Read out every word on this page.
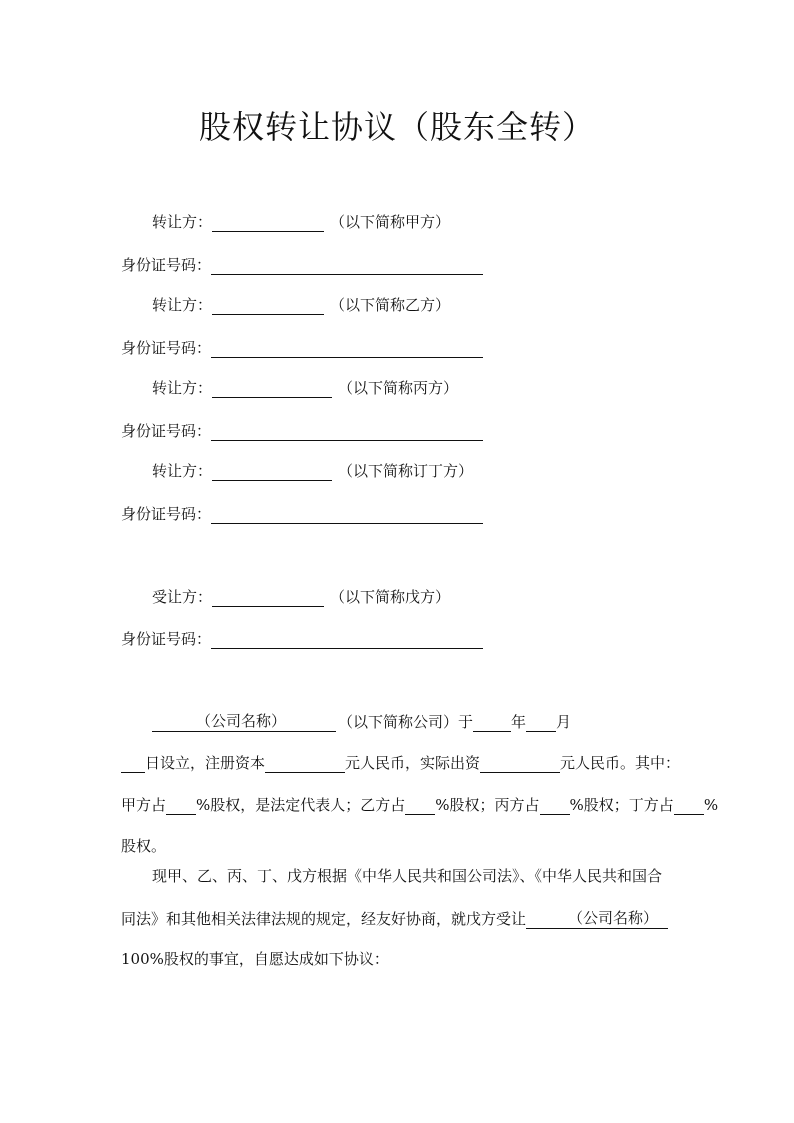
股权转让协议（股东全转）
转让方：	（以下简称甲方）
身份证号码：
转让方：	（以下简称乙方）
身份证号码：
转让方：	（以下简称丙方）
身份证号码：
转让方：	（以下简称订丁方）
身份证号码：
受让方：	（以下简称戊方）
身份证号码：
（公司名称）	（以下简称公司）于	年 月
日设立，注册资本	元人民币，实际出资	元人民币。其中：
甲方占 %股权，是法定代表人；乙方占 %股权；丙方占 %股权；丁方占 %
股权。
现甲、乙、丙、丁、戊方根据《中华人民共和国公司法》、《中华人民共和国合
同法》和其他相关法律法规的规定，经友好协商，就戊方受让	（公司名称）
100%股权的事宜，自愿达成如下协议：
